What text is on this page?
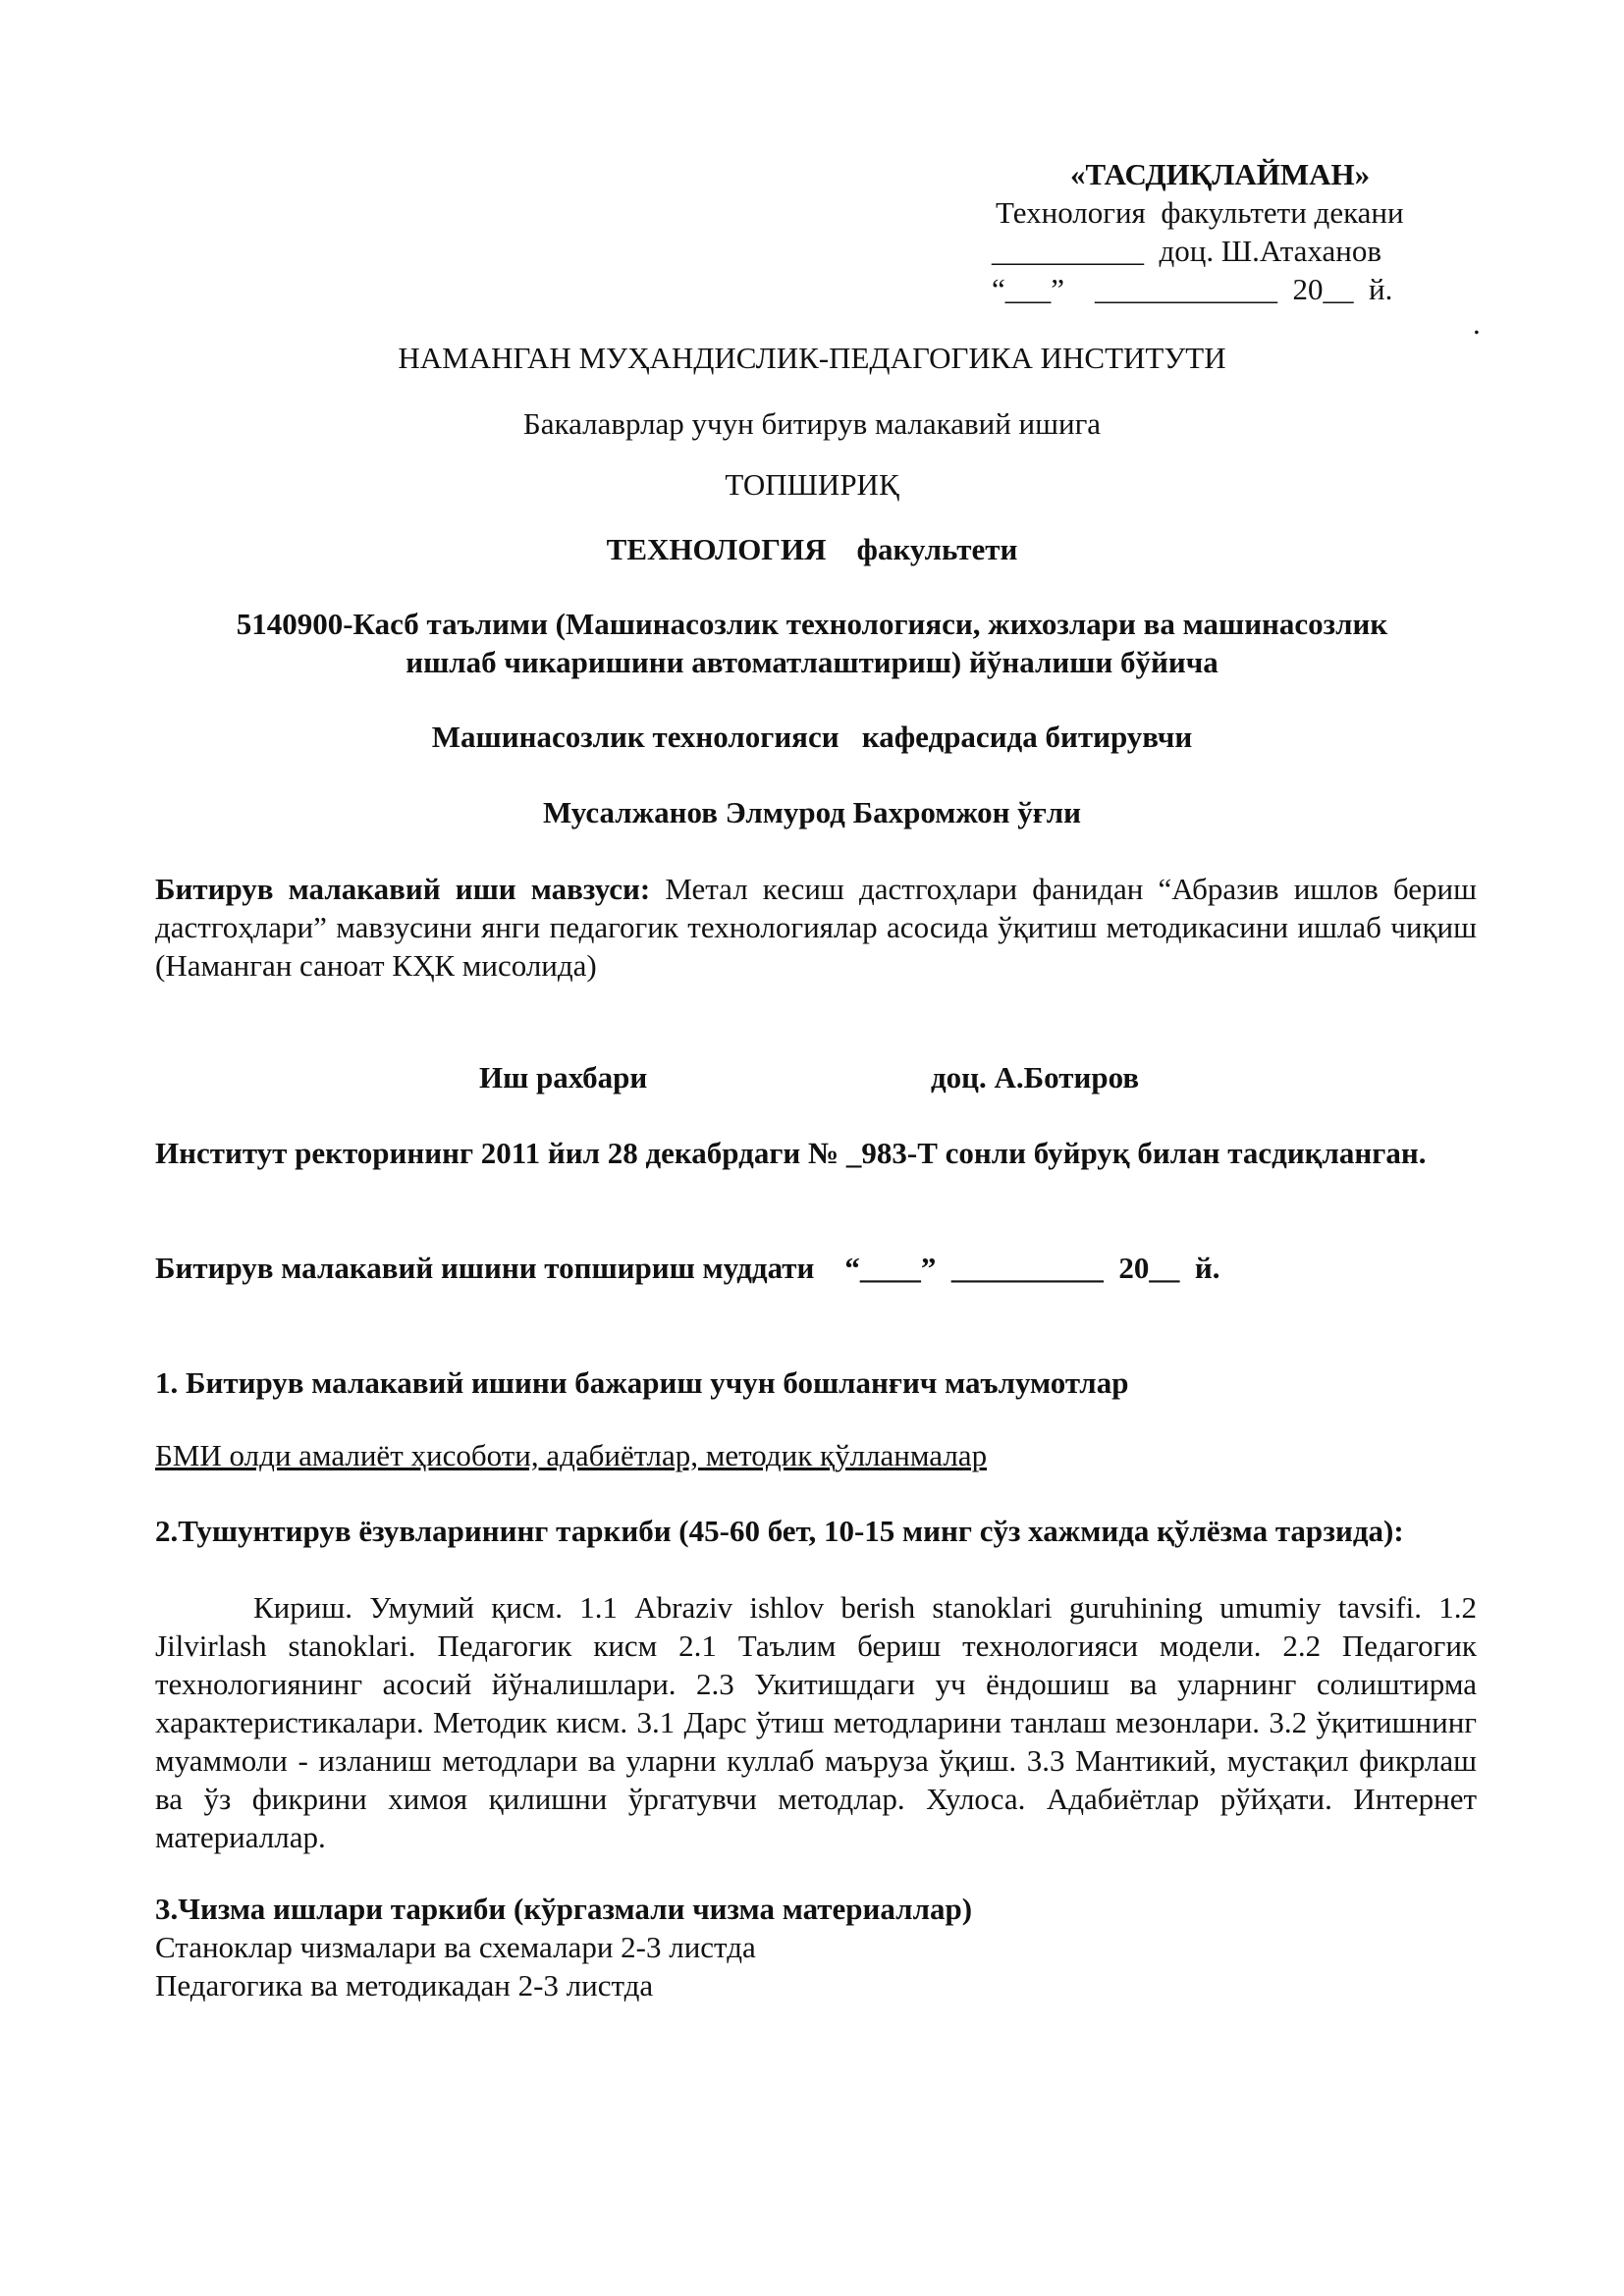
«ТАСДИҚЛАЙМАН»
Технология  факультети декани
__________  доц. Ш.Атаханов
“___”    ____________  20__  й.
.
НАМАНГАН МУҲАНДИСЛИК-ПЕДАГОГИКА ИНСТИТУТИ
Бакалаврлар учун битирув малакавий ишига
ТОПШИРИҚ
ТЕХНОЛОГИЯ    факультети
5140900-Касб таълими (Машинасозлик технологияси, жихозлари ва машинасозлик
ишлаб чикаришини автоматлаштириш) йўналиши бўйича
Машинасозлик технологияси   кафедрасида битирувчи
Мусалжанов Элмурод Бахромжон ўғли
Битирув малакавий иши мавзуси: Метал кесиш дастгоҳлари фанидан “Абразив ишлов бериш дастгоҳлари” мавзусини янги педагогик технологиялар асосида ўқитиш методикасини ишлаб чиқиш (Наманган саноат КҲК мисолида)
Иш рахбари	доц. А.Ботиров
Институт ректорининг 2011 йил 28 декабрдаги № _983-Т сонли буйруқ билан тасдиқланган.
Битирув малакавий ишини топшириш муддати    “____”  __________  20__  й.
1. Битирув малакавий ишини бажариш учун бошланғич маълумотлар
БМИ олди амалиёт ҳисоботи, адабиётлар, методик қўлланмалар
2.Тушунтирув ёзувларининг таркиби (45-60 бет, 10-15 минг сўз хажмида қўлёзма тарзида):
Кириш. Умумий қисм. 1.1 Abraziv ishlov berish stanoklari guruhining umumiy tavsifi. 1.2 Jilvirlash stanoklari. Педагогик кисм 2.1 Таълим бериш технологияси модели. 2.2 Педагогик технологиянинг асосий йўналишлари. 2.3 Укитишдаги уч ёндошиш ва уларнинг солиштирма характеристикалари. Методик кисм. 3.1 Дарс ўтиш методларини танлаш мезонлари. 3.2 ўқитишнинг муаммоли - изланиш методлари ва уларни куллаб маъруза ўқиш. 3.3 Мантикий, мустақил фикрлаш ва ўз фикрини химоя қилишни ўргатувчи методлар. Хулоса. Адабиётлар рўйҳати. Интернет материаллар.
3.Чизма ишлари таркиби (кўргазмали чизма материаллар)
Станоклар чизмалари ва схемалари 2-3 листда
Педагогика ва методикадан 2-3 листда
